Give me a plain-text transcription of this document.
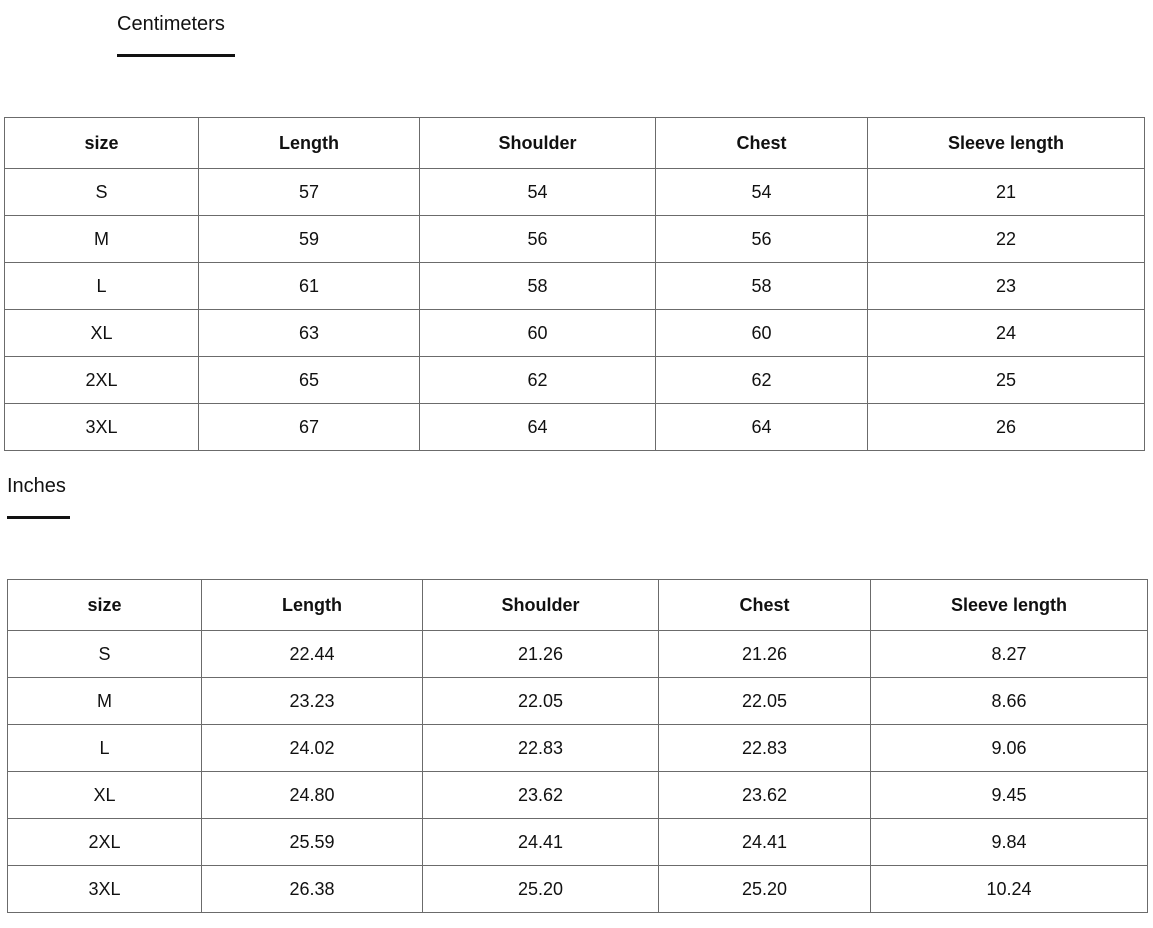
Centimeters
size	Length	Shoulder	Chest	Sleeve length
S	57	54	54	21
M	59	56	56	22
L	61	58	58	23
XL	63	60	60	24
2XL	65	62	62	25
3XL	67	64	64	26
Inches
size	Length	Shoulder	Chest	Sleeve length
S	22.44	21.26	21.26	8.27
M	23.23	22.05	22.05	8.66
L	24.02	22.83	22.83	9.06
XL	24.80	23.62	23.62	9.45
2XL	25.59	24.41	24.41	9.84
3XL	26.38	25.20	25.20	10.24
